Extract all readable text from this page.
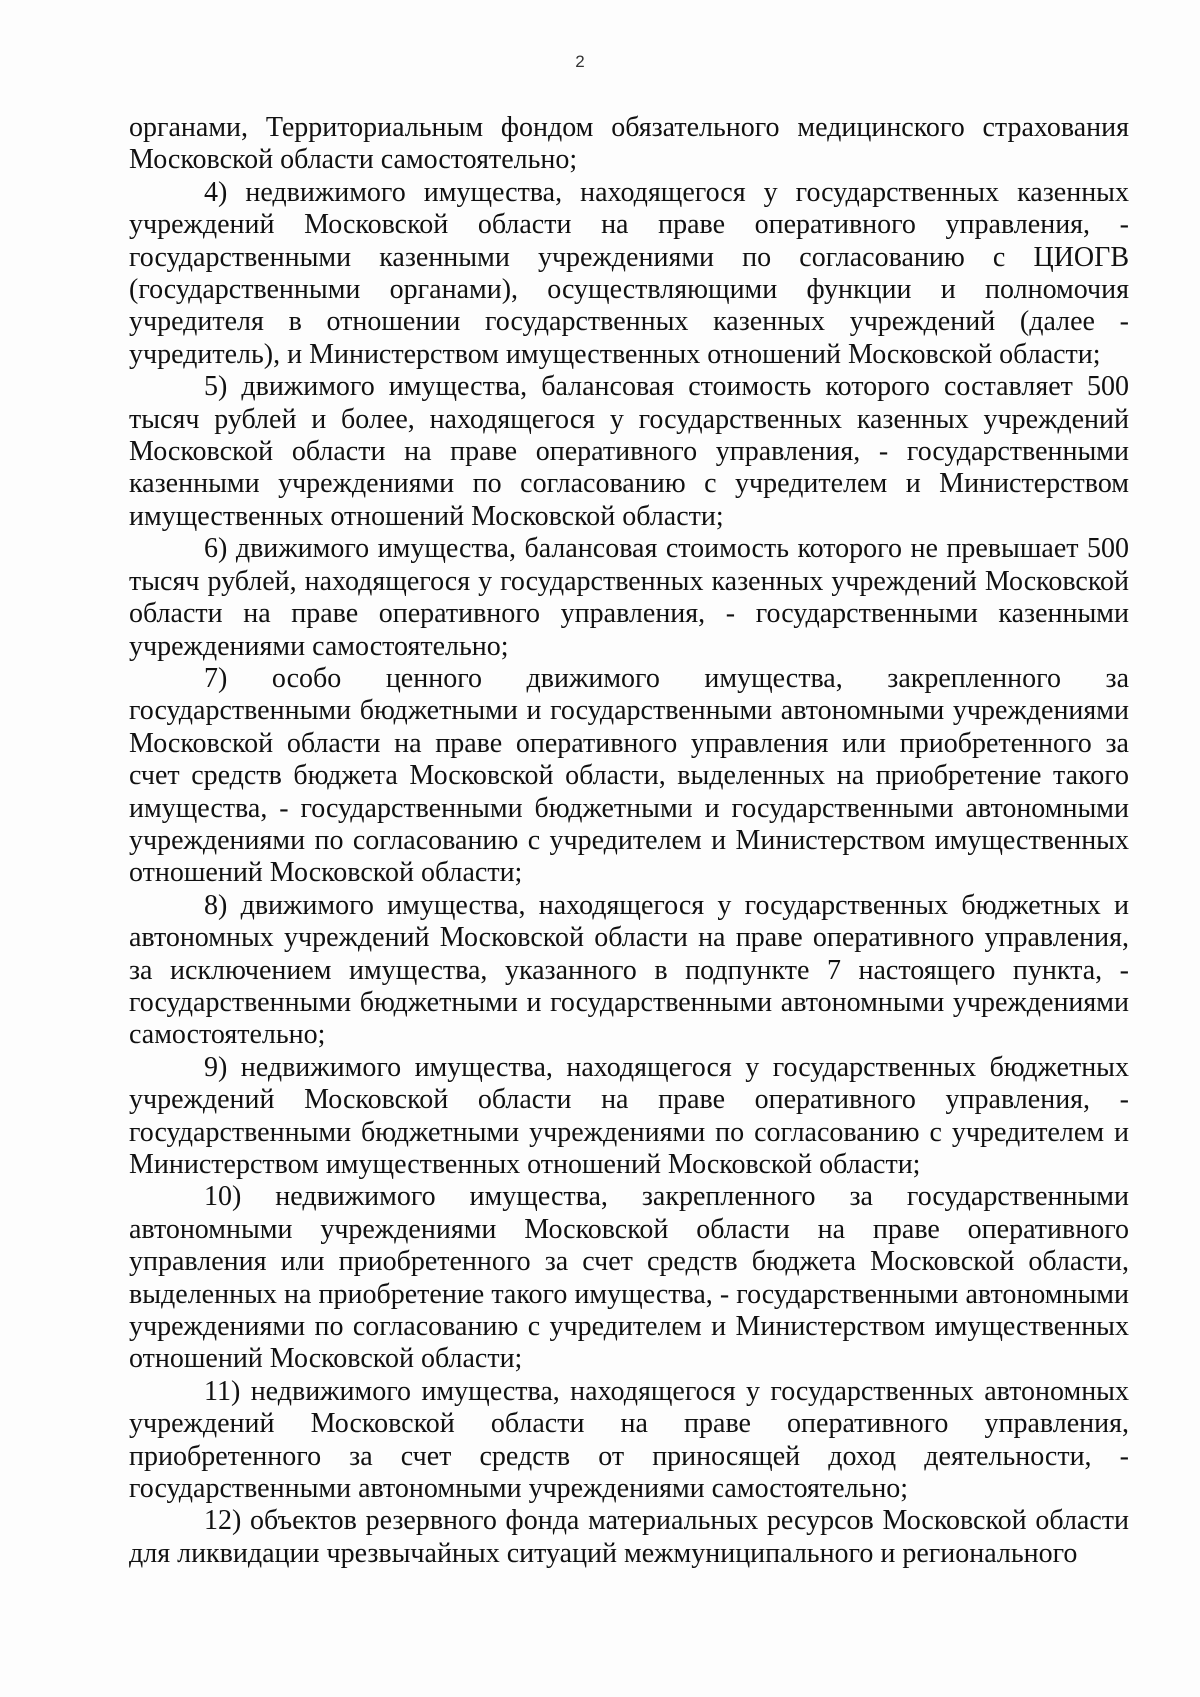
2

органами, Территориальным фондом обязательного медицинского страхования Московской области самостоятельно;

4) недвижимого имущества, находящегося у государственных казенных учреждений Московской области на праве оперативного управления, - государственными казенными учреждениями по согласованию с ЦИОГВ (государственными органами), осуществляющими функции и полномочия учредителя в отношении государственных казенных учреждений (далее - учредитель), и Министерством имущественных отношений Московской области;

5) движимого имущества, балансовая стоимость которого составляет 500 тысяч рублей и более, находящегося у государственных казенных учреждений Московской области на праве оперативного управления, - государственными казенными учреждениями по согласованию с учредителем и Министерством имущественных отношений Московской области;

6) движимого имущества, балансовая стоимость которого не превышает 500 тысяч рублей, находящегося у государственных казенных учреждений Московской области на праве оперативного управления, - государственными казенными учреждениями самостоятельно;

7) особо ценного движимого имущества, закрепленного за государственными бюджетными и государственными автономными учреждениями Московской области на праве оперативного управления или приобретенного за счет средств бюджета Московской области, выделенных на приобретение такого имущества, - государственными бюджетными и государственными автономными учреждениями по согласованию с учредителем и Министерством имущественных отношений Московской области;

8) движимого имущества, находящегося у государственных бюджетных и автономных учреждений Московской области на праве оперативного управления, за исключением имущества, указанного в подпункте 7 настоящего пункта, - государственными бюджетными и государственными автономными учреждениями самостоятельно;

9) недвижимого имущества, находящегося у государственных бюджетных учреждений Московской области на праве оперативного управления, - государственными бюджетными учреждениями по согласованию с учредителем и Министерством имущественных отношений Московской области;

10) недвижимого имущества, закрепленного за государственными автономными учреждениями Московской области на праве оперативного управления или приобретенного за счет средств бюджета Московской области, выделенных на приобретение такого имущества, - государственными автономными учреждениями по согласованию с учредителем и Министерством имущественных отношений Московской области;

11) недвижимого имущества, находящегося у государственных автономных учреждений Московской области на праве оперативного управления, приобретенного за счет средств от приносящей доход деятельности, - государственными автономными учреждениями самостоятельно;

12) объектов резервного фонда материальных ресурсов Московской области для ликвидации чрезвычайных ситуаций межмуниципального и регионального
